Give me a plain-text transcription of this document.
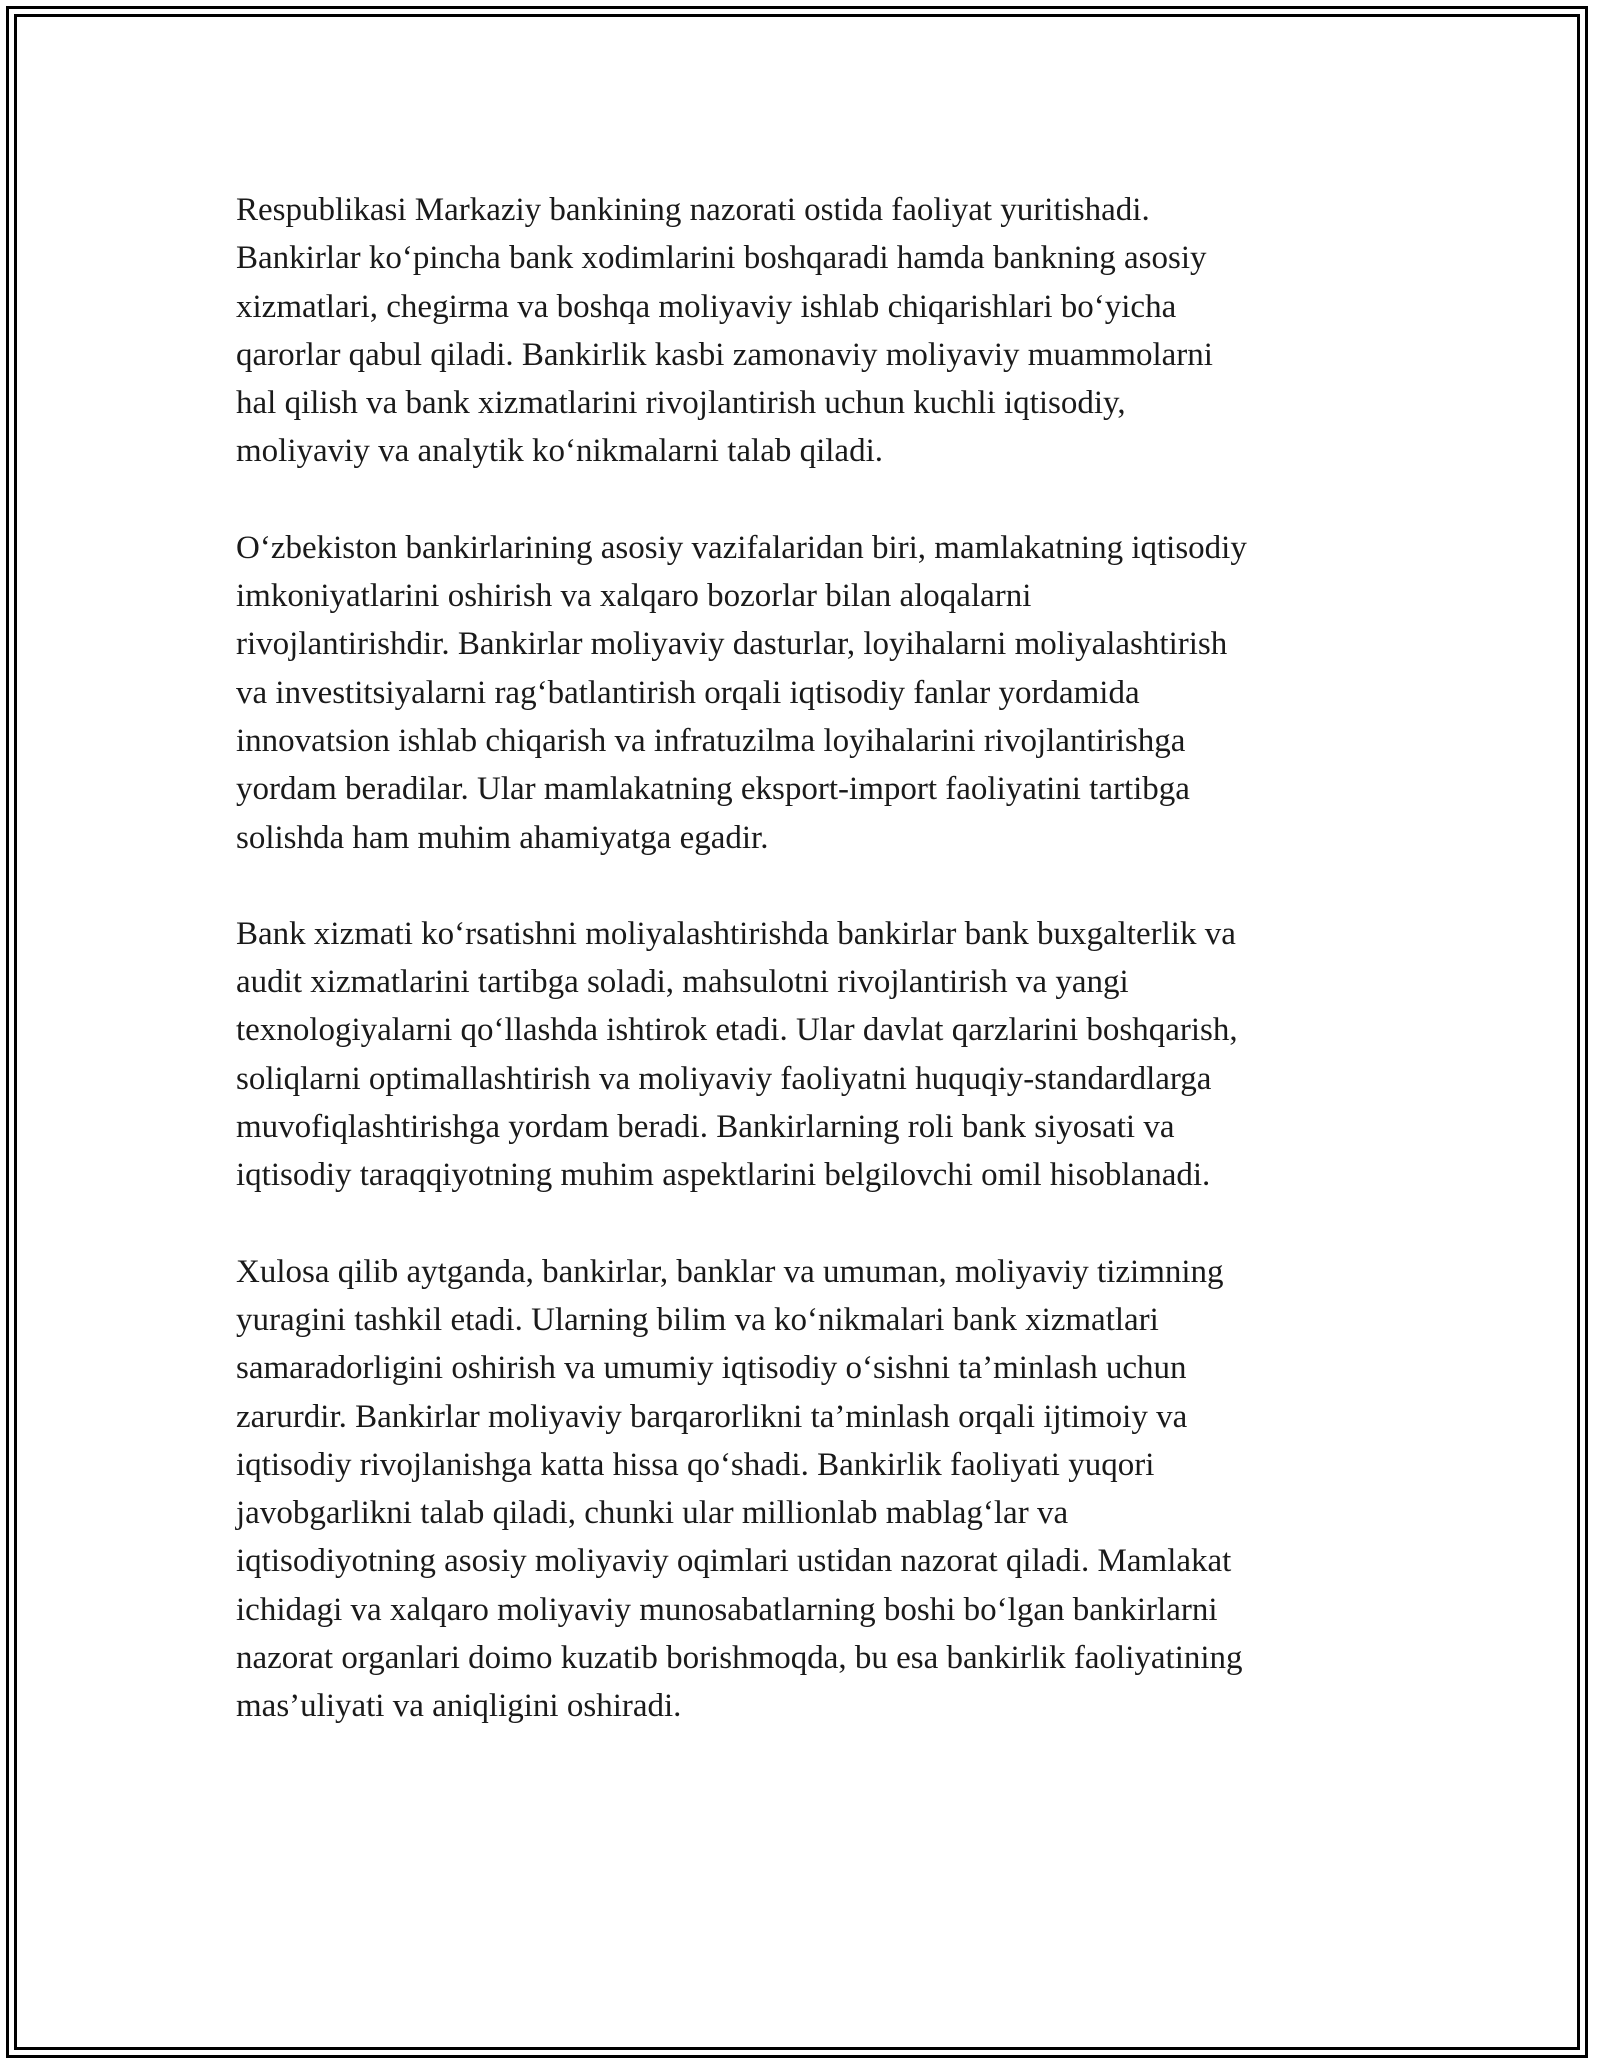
Respublikasi Markaziy bankining nazorati ostida faoliyat yuritishadi.
Bankirlar ko‘pincha bank xodimlarini boshqaradi hamda bankning asosiy
xizmatlari, chegirma va boshqa moliyaviy ishlab chiqarishlari bo‘yicha
qarorlar qabul qiladi. Bankirlik kasbi zamonaviy moliyaviy muammolarni
hal qilish va bank xizmatlarini rivojlantirish uchun kuchli iqtisodiy,
moliyaviy va analytik ko‘nikmalarni talab qiladi.

O‘zbekiston bankirlarining asosiy vazifalaridan biri, mamlakatning iqtisodiy
imkoniyatlarini oshirish va xalqaro bozorlar bilan aloqalarni
rivojlantirishdir. Bankirlar moliyaviy dasturlar, loyihalarni moliyalashtirish
va investitsiyalarni rag‘batlantirish orqali iqtisodiy fanlar yordamida
innovatsion ishlab chiqarish va infratuzilma loyihalarini rivojlantirishga
yordam beradilar. Ular mamlakatning eksport-import faoliyatini tartibga
solishda ham muhim ahamiyatga egadir.

Bank xizmati ko‘rsatishni moliyalashtirishda bankirlar bank buxgalterlik va
audit xizmatlarini tartibga soladi, mahsulotni rivojlantirish va yangi
texnologiyalarni qo‘llashda ishtirok etadi. Ular davlat qarzlarini boshqarish,
soliqlarni optimallashtirish va moliyaviy faoliyatni huquqiy-standardlarga
muvofiqlashtirishga yordam beradi. Bankirlarning roli bank siyosati va
iqtisodiy taraqqiyotning muhim aspektlarini belgilovchi omil hisoblanadi.

Xulosa qilib aytganda, bankirlar, banklar va umuman, moliyaviy tizimning
yuragini tashkil etadi. Ularning bilim va ko‘nikmalari bank xizmatlari
samaradorligini oshirish va umumiy iqtisodiy o‘sishni ta’minlash uchun
zarurdir. Bankirlar moliyaviy barqarorlikni ta’minlash orqali ijtimoiy va
iqtisodiy rivojlanishga katta hissa qo‘shadi. Bankirlik faoliyati yuqori
javobgarlikni talab qiladi, chunki ular millionlab mablag‘lar va
iqtisodiyotning asosiy moliyaviy oqimlari ustidan nazorat qiladi. Mamlakat
ichidagi va xalqaro moliyaviy munosabatlarning boshi bo‘lgan bankirlarni
nazorat organlari doimo kuzatib borishmoqda, bu esa bankirlik faoliyatining
mas’uliyati va aniqligini oshiradi.
